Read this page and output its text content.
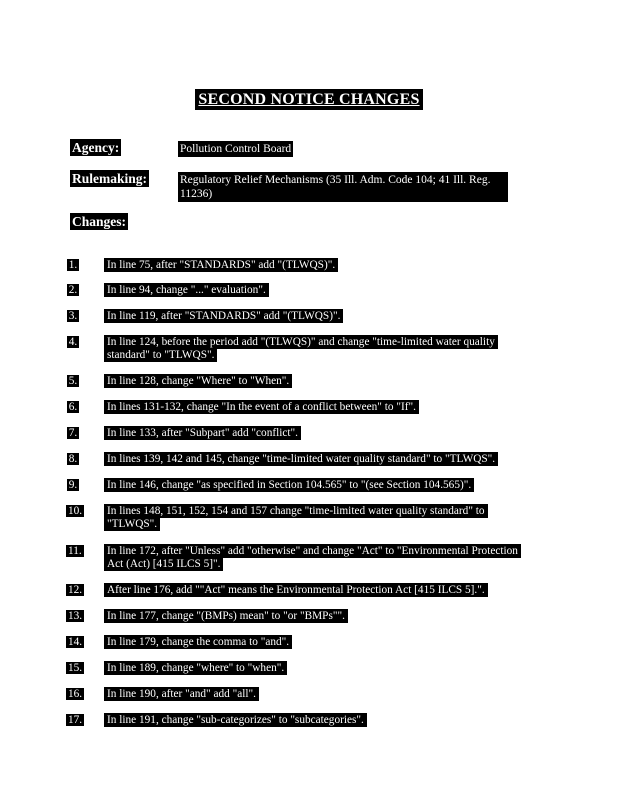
SECOND NOTICE CHANGES
Agency:	Pollution Control Board
Rulemaking:	Regulatory Relief Mechanisms (35 Ill. Adm. Code 104; 41 Ill. Reg. 11236)
Changes:
1.	In line 75, after "STANDARDS" add "(TLWQS)".
2.	In line 94, change "..." evaluation".
3.	In line 119, after "STANDARDS" add "(TLWQS)".
4.	In line 124, before the period add "(TLWQS)" and change "time-limited water quality standard" to "TLWQS".
5.	In line 128, change "Where" to "When".
6.	In lines 131-132, change "In the event of a conflict between" to "If".
7.	In line 133, after "Subpart" add "conflict".
8.	In lines 139, 142 and 145, change "time-limited water quality standard" to "TLWQS".
9.	In line 146, change "as specified in Section 104.565" to "(see Section 104.565)".
10. In lines 148, 151, 152, 154 and 157 change "time-limited water quality standard" to "TLWQS".
11. In line 172, after "Unless" add "otherwise" and change "Act" to "Environmental Protection Act (Act) [415 ILCS 5]".
12. After line 176, add ""Act" means the Environmental Protection Act [415 ILCS 5].".
13. In line 177, change "(BMPs) mean" to "or "BMPs"".
14. In line 179, change the comma to "and".
15. In line 189, change "where" to "when".
16. In line 190, after "and" add "all".
17. In line 191, change "sub-categorizes" to "subcategories".
